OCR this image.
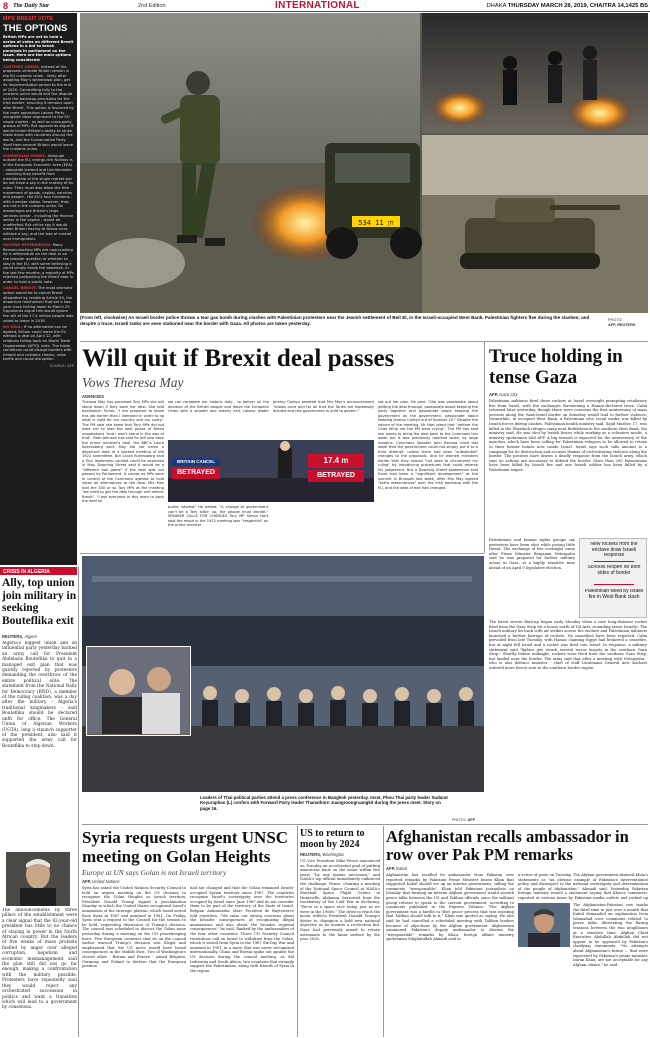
8 The Daily Star	2nd Edition	INTERNATIONAL	DHAKA THURSDAY MARCH 28, 2019, CHAITRA 14,1425 BS
MPS BREXIT VOTE
THE OPTIONS

British MPs are set to hold a series of votes on different Brexit options in a bid to break paralysis in parliament on the issue. Here are the main options being considered:

CUSTOMS UNION: Instead of the proposals ultimate Britain remain in the EU customs union - likely after adopting May's withdrawal plan, get its implementation period to the end of 2020. Committing fully to the customs union would end the dispute over the backstop provisions for the Irish border, ensuring it remains open after Brexit. This option is favoured by the main opposition Labour Party - alongside close alignment to the EU single market - as well as cross-party groups of MPs. But opponents argue it would hinder Britain's ability to strike trade deals with countries around the world, and the Conservative Party itself from several Britain would leave the customs union.

NORWEGIAN MODEL: Although outside the EU, energy-rich Norway is in the European Economic Area (EEA) - alongside Iceland and Liechtenstein - meaning they benefit from membership of the single market but do not have a say in the making of its rules. They must also allow the free movement of goods, capital, services and people - the EU's four freedoms - with member states. However, they are not in the customs union. Its advantages are Britain's large services sector - including the finance sector in the capital - would be unaffected. But critics say it would mean Britain having to follow rules without a say, and the loss of control over immigration.

SECOND REFERENDUM: Many Remain-backing MPs are now pushing for a referendum on the deal or on the broader question of whether to stay in the EU, with some believing it could simply break the deadlock. In the last few months, a majority of MPs rejected postponing the Brexit date in order to hold a public vote.

CANCEL BREXIT: The most dramatic option would be to cancel Brexit altogether by revoking Article 50, the departure mechanism that set a two-year clock ticking down to March 29. Opponents argue this would ignore the will of the 17.4 million people who voted to leave in 2016.

NO DEAL: If no alternative can be agreed, Britain could leave the EU without a deal on April 12, with relations falling back on World Trade Organization (WTO) rules. The trade conditions could disrupt borders with Ireland and customs checks, raise tariffs and cause disruption.

SOURCE: AFP

534 חן 11
(From left, clockwise) An Israeli border police throws a tear gas bomb during clashes with Palestinian protesters near the Jewish settlement of Beit El, in the Israeli-occupied West Bank. Palestinian fighters flee during the clashes; and despite a truce, Israeli tanks are seen stationed near the border with Gaza. All photos are taken yesterday.
PHOTO:
AFP, REUTERS
Will quit if Brexit deal passes
Vows Theresa May
AGENCIES
Theresa May has promised Tory MPs she will stand down if they back her deal. She told backbench Tories: "I am prepared to leave this job earlier than I intended in order to do what is right for our country and our party." The PM said she knew that Tory MPs did not want her to lead the next phase of Brexit negotiations "and I won't stand in the way of that". Both Johnson has said he will now back the prime minister's deal, the BBC's Laura Kuenssberg said. May did not name a departure date at a packed meeting of the 1922 committee. But Laura Kuenssberg said a Tory leadership contest could be expected in May. Downing Street said it would be a "different ball game" if the deal was not passed by Parliament. It comes as MPs were in control of the Commons agenda to hold votes on alternatives to the deal. Mrs May told the 300 or so Tory MPs at the meeting "we need to get the deal through and deliver Brexit". "I ask everyone in this room to back the deal so
we can complete our historic duty - to deliver on the decision of the British people and leave the European Union with a smooth and orderly exit. Labour leader Jeremy Corbyn tweeted that Mrs May's announcement "shows once and for all that the Tories are hopelessly divided and this government is unfit to govern."
BRITAIN CANCEL
BETRAYED
17.4 m
BETRAYED
public interest" He added: "A change of government can't be a Tory stitch up, the people must decide." SPEAKER CALLS FOR CHANGES Tory MP Simon Hart said the mood in the 1922 meeting was "respectful" as the prime minister
set out her plan. He said: "She was passionate about getting the deal through, passionate about keeping the party together and passionate about keeping the government as the government, passionate about keeping Jeremy Corbyn out of Number 10." Despite the nature of the meeting, Mr Hart joked that "neither the Chief Whip nor the PM were crying". The PM has said she wants to bring the deal back to the Commons this week but it was previously rejected twice, by large margins. Commons Speaker John Bercow ruled last week that the government could not simply put it to a third attempt, unless there had been "substantial" changes to the proposals. And he warned ministers earlier that they should "not seek to circumvent my ruling" by introducing procedures that could reverse his judgement. But a Downing Street spokesman said there had been a "significant development" at the summit in Brussels last week, after Mrs May agreed "extra reassurances" over the Irish backstop with the EU, and the date of exit had changed.
Truce holding in tense Gaza
AFP, Gaza City
Palestinian militants fired three rockets at Israel overnight prompting retaliatory fire from Israel, with the exchanges threatening a Hamas-declared truce. Calm returned later yesterday, though there were concerns the first anniversary of mass protests along the Gaza-Israel border on Saturday would lead to further violence. Meanwhile, in occupied West Bank, a Palestinian who social media was killed by Israeli forces during clashes, Palestinian health ministry said. Sajid Muzher, 17, was killed in the Dheisheh refugee camp near Bethlehem in the southern West Bank, the ministry said. He was shot by Israeli forces while working as a volunteer medic, a ministry spokesman told AFP. A big turnout is expected for the anniversary of the marches, which have been calling for Palestinian refugees to be allowed to return to their former homes now inside Israel. Israel says such calls amount to a campaign for its destruction and accuses Hamas of orchestrating violence along the border. The protests have drawn a deadly response from the Israeli army, which says its actions are necessary to defend the border. More than 200 Palestinians have been killed by Israeli fire and one Israeli soldier has been killed by a Palestinian sniper.
Palestinians and human rights groups say protesters have been shot while posing little threat. The exchange of fire overnight came after Prime Minister Benjamin Netanyahu said he was prepared for further military action in Gaza, at a highly sensitive time ahead of an April 9 legislative election.
New rockets from the enclave draw Israeli response
Schools reopen on both sides of border
Palestinian killed by Israeli fire in West Bank clash
The latest severe flare-up began early Monday when a rare long-distance rocket fired from the Gaza Strip hit a house north of Tel Aviv, wounding seven Israelis. The Israeli military hit back with air strikes across the enclave and Palestinian militants launched a further barrage of rockets. No casualties have been reported. Calm prevailed from late Tuesday, with Hamas claiming Egypt had brokered a ceasefire, but at night fell Israel and a rocket was fired into Israel. In response, a military statement said "fighter jets struck several terror targets in the southern Gaza Strip." Shortly before midnight, rockets were fired from the southern Gaza Strip, but landed near the border. The army said that after a meeting with Netanyahu - who is also defence minister - chief of staff Lieutenant General Aviv Kochavi ordered more forces sent to the southern border region.
CRISIS IN ALGERIA
Ally, top union join military in seeking Bouteflika exit
REUTERS, Algiers
Algeria's biggest union and an influential party yesterday backed an army call for President Abdelaziz Bouteflika to quit in a managed exit plan that was quickly rejected by protesters demanding the overthrow of the entire political elite. The statement from the National Rally for Democracy (RND), a member of the ruling coalition, was a day after the military - Algeria's traditional kingmakers - said Bouteflika should be declared unfit for office. The General Union of Algerian Workers (UGTA), long a staunch supporter of the president, also said it supported the army call for Bouteflika to step down.
The announcements by three pillars of the establishment were a clear signal that the 82-year-old president has little to no chance of staying in power in the North African country. But the leaders of five weeks of mass protests fuelled by anger over alleged corruption, nepotism and economic mismanagement said the plan still did not go far enough, making a confrontation with the military possible. Protesters have repeatedly said they would reject any orchestrated succession in politics and want a transition which will lead to a government by consensus.
Leaders of Thai political parties attend a press conference in Bangkok yesterday. Inset, Phou Thai party leader Sudarat Keyuraphan (L) confers with Forward Party leader Thanathorn Juangroongruangkit during the press meet. Story on page 16.
PHOTO: AFP
Syria requests urgent UNSC meeting on Golan Heights
Europe at UN says Golan is not Israeli territory
AFP, United Nations
Syria has asked the United Nations Security Council to hold an urgent meeting on the US decision to recognize the Golan Heights as Israeli territory. President Donald Trump signed a proclamation Monday in which the United States recognized Israel's annexation of the strategic plateau, which Israel seized from Syria in 1967 and annexed in 1981. On Friday, Syria sent a request to the Council for the session to be held, requesting discussion of Trump's decision. The council was scheduled to discuss the Golan issue yesterday during a meeting on the UN peacekeeping force. Five European countries that sit on the council earlier warned Trump's decision was illegal and emphasized that the US move would have broad consequences in the Middle East. Two of Washington's closest allies - Britain and France - joined Belgium, Germany and Poland to declare that the European position
had not changed and that the Golan remained Israeli-occupied Syrian territory since 1967. The countries recognize Israel's sovereignty over the territories occupied by Israel since June 1967 and do not consider them to be part of the territory of the State of Israel, Belgian Ambassador Marc Pecsteen de Buytswerve told reporters. "We raise our strong concerns about the broader consequences of recognizing illegal annexations and also about the broader regional consequences," he said, flanked by the ambassadors of the four other countries. Three UN Security Council resolutions call on Israel to withdraw from the Golan, which it seized from Syria in the 1967 Six-Day War and annexed in 1981, in a move that was never recognized internationally. China and Russia spoke out against the US decision during the council meeting, as did Indonesia and South Africa, two countries that strongly support the Palestinians, along with friends of Syria in the region.
US to return to moon by 2024
REUTERS, Washington
US Vice President Mike Pence announced on Tuesday an accelerated goal of putting Americans back on the moon within five years "by any means necessary," and NASA's top official immediately embraced the challenge. Pence, chairing a meeting of the National Space Council at NASA's Marshall Space Flight Center in Huntsville, Alabama, borrowed from the vocabulary of the Cold War in declaring, "We're in a space race today, just as we were in the 1960s." The drive to reach the moon reflects President Donald Trump's desire to champion a bold new national objective as he mounts a re-election bid. Nasa had previously aimed to return astronauts to the lunar surface by the year 2028.
Afghanistan recalls ambassador in row over Pak PM remarks
AFP, Kabul
Afghanistan has recalled its ambassador from Pakistan over reported remarks by Pakistani Prime Minister Imran Khan that suggested Kabul should set up an interim government, calling the comments "irresponsible". Khan told Pakistani journalists on Monday that forming an interim Afghan government would smooth peace talks between the US and Taliban officials since the militant group refuses to speak to the current government, according to comments published in the Express Tribune. "The Afghan government was a hurdle in (the) peace process that was insisting that Taliban should talk to it," Khan was quoted as saying. He also said he had cancelled a scheduled meeting with Taliban leaders because of objections by the Afghan government. Afghanistan summoned Pakistan's deputy ambassador to discuss the "irresponsible" remarks by Khan, foreign affairs ministry spokesman Sibghatullah Ahmadi said in
a series of posts on Tuesday. The Afghan government deemed Khan's statements as "an obvious example of Pakistan's interventionist policy and disrespect to the national sovereignty and determination of the people of Afghanistan," Ahmadi said. Yesterday, Pakistan foreign ministry issued a statement saying that Khan's comments, reported at various times by Pakistani media outlets and picked up
The Afghanistan-Pakistan row marks the third time in just over a month that Kabul demanded an explanation from Islamabad over comments related to peace talks, illustrating the flaring tensions between the two neighbours at a sensitive time. Afghan Chief Executive Abdullah Abdullah did not appear to be appeased by Pakistan's clarifying statements. "No attempts about Afghanistan's future ... that were expressed by Pakistan's prime minister, Imran Khan, are not acceptable for any Afghan citizen," he said.
